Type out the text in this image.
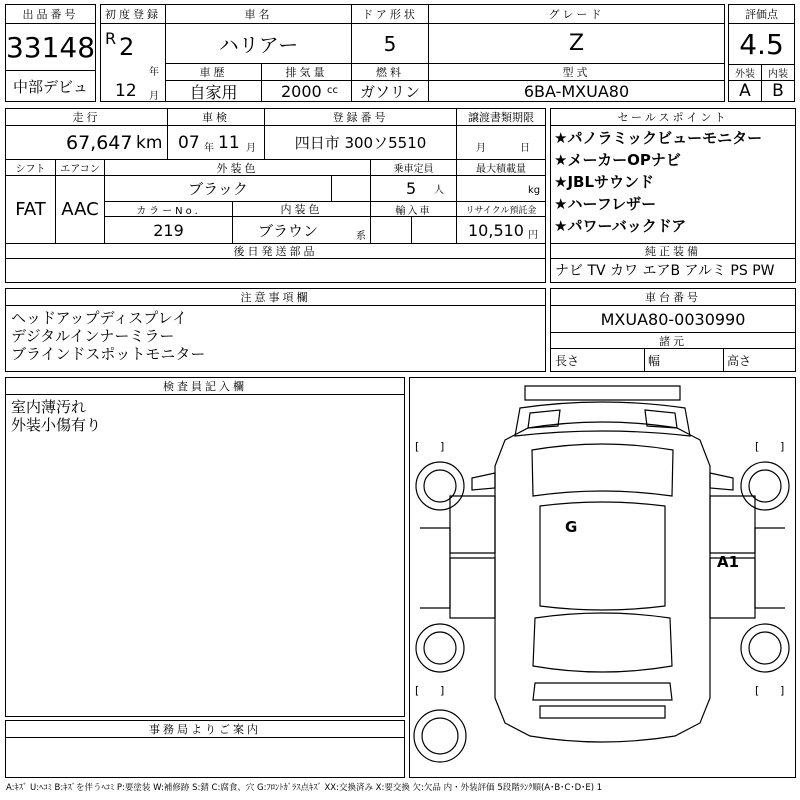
出品番号
33148
中部デビュ
初度登録
R 2
年
12 月
車名
ハリアー
ドア形状
5
グレード
Z
車歴
自家用
排気量
2000 cc
燃料
ガソリン
型式
6BA-MXUA80
評価点
4.5
外装	内装
A	B
走行
67,647 km
車検
07 年 11 月
登録番号
四日市 300ソ5510
譲渡書類期限
月	日
シフト
FAT
エアコン
AAC
外装色
ブラック
乗車定員
5 人
最大積載量
kg
カラーNo.
219
内装色
ブラウン	系
輸入車	リサイクル預託金
10,510 円
後日発送部品
セールスポイント
★パノラミックビューモニター
★メーカーOPナビ
★JBLサウンド
★ハーフレザー
★パワーバックドア
純正装備
ナビ TV カワ エアB アルミ PS PW
注意事項欄
ヘッドアップディスプレイ
デジタルインナーミラー
ブラインドスポットモニター
車台番号
MXUA80-0030990
諸元
長さ	幅	高さ
検査員記入欄
室内薄汚れ
外装小傷有り
事務局よりご案内
[ ]	[ ]
[ ]	[ ]
G
A1
A:ｷｽﾞ U:ﾍｺﾐ B:ｷｽﾞを伴うﾍｺﾐ P:要塗装 W:補修跡 S:錆 C:腐食、穴 G:ﾌﾛﾝﾄｶﾞﾗｽ点ｷｽﾞ XX:交換済み X:要交換 欠:欠品 内・外装評価 5段階ﾗﾝｸ順(A･B･C･D･E) 1
